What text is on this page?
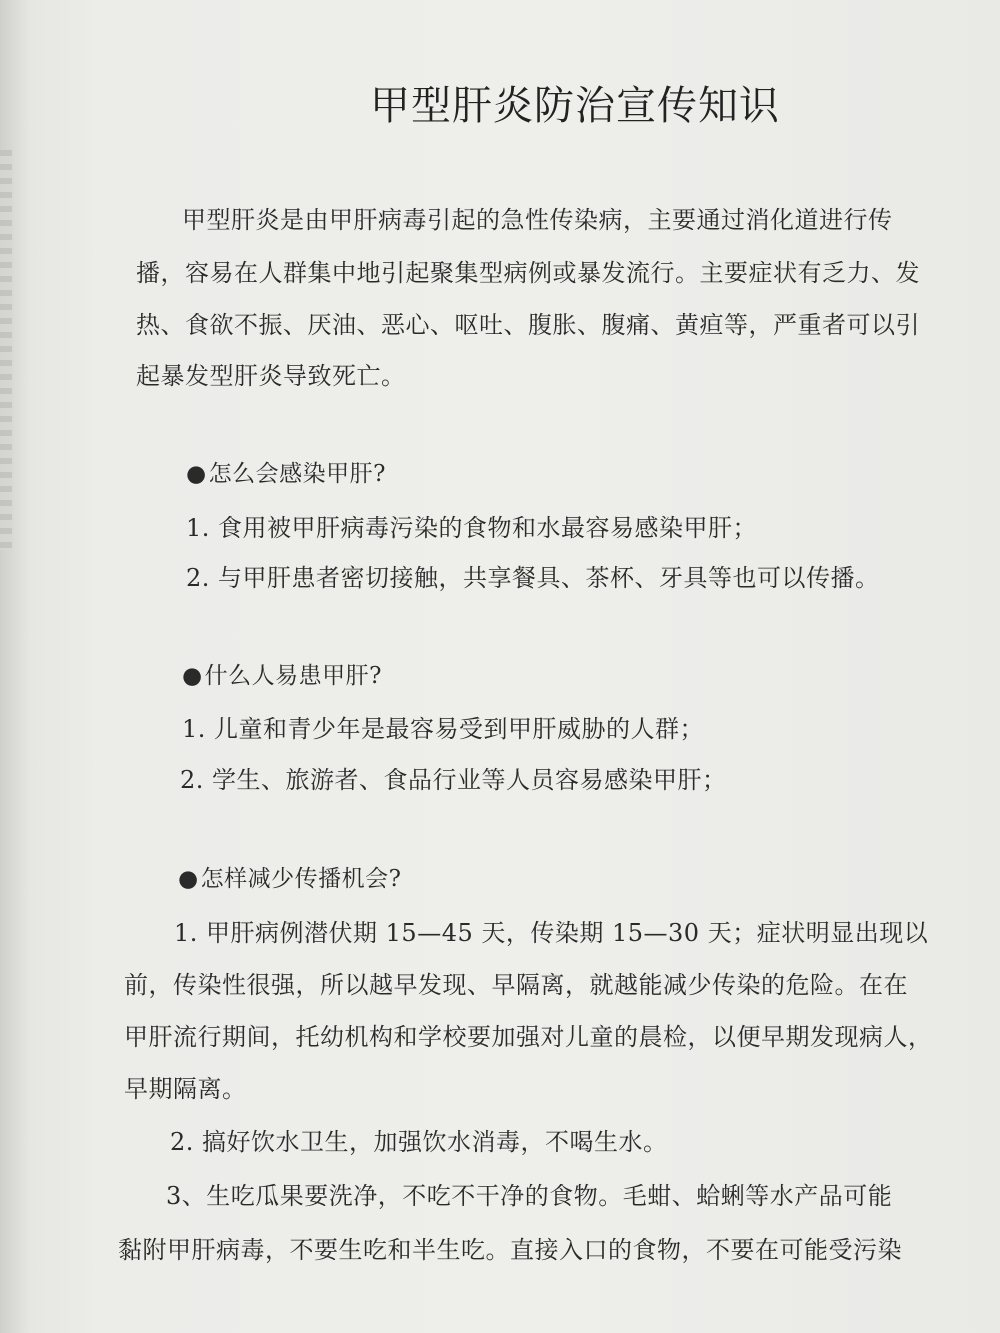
甲型肝炎防治宣传知识
甲型肝炎是由甲肝病毒引起的急性传染病，主要通过消化道进行传
播，容易在人群集中地引起聚集型病例或暴发流行。主要症状有乏力、发
热、食欲不振、厌油、恶心、呕吐、腹胀、腹痛、黄疸等，严重者可以引
起暴发型肝炎导致死亡。
●怎么会感染甲肝?
1. 食用被甲肝病毒污染的食物和水最容易感染甲肝；
2. 与甲肝患者密切接触，共享餐具、茶杯、牙具等也可以传播。
●什么人易患甲肝?
1. 儿童和青少年是最容易受到甲肝威胁的人群；
2. 学生、旅游者、食品行业等人员容易感染甲肝；
●怎样减少传播机会?
1. 甲肝病例潜伏期 15—45 天，传染期 15—30 天；症状明显出现以
前，传染性很强，所以越早发现、早隔离，就越能减少传染的危险。在在
甲肝流行期间，托幼机构和学校要加强对儿童的晨检，以便早期发现病人，
早期隔离。
2. 搞好饮水卫生，加强饮水消毒，不喝生水。
3、生吃瓜果要洗净，不吃不干净的食物。毛蚶、蛤蜊等水产品可能
黏附甲肝病毒，不要生吃和半生吃。直接入口的食物，不要在可能受污染
